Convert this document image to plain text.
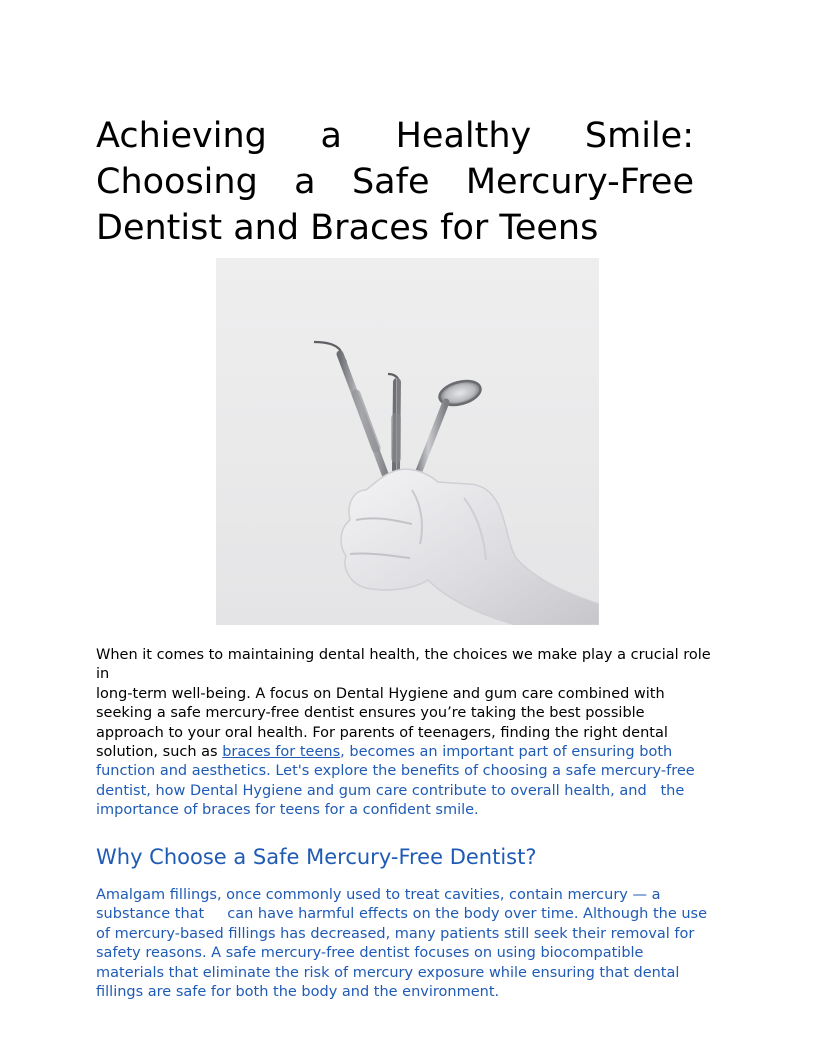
Achieving a Healthy Smile:
Choosing a Safe Mercury-Free
Dentist and Braces for Teens
When it comes to maintaining dental health, the choices we make play a crucial role
in
long-term well-being. A focus on Dental Hygiene and gum care combined with
seeking a safe mercury-free dentist ensures you’re taking the best possible
approach to your oral health. For parents of teenagers, finding the right dental
solution, such as braces for teens, becomes an important part of ensuring both
function and aesthetics. Let's explore the benefits of choosing a safe mercury-free
dentist, how Dental Hygiene and gum care contribute to overall health, and   the
importance of braces for teens for a confident smile.
Why Choose a Safe Mercury-Free Dentist?
Amalgam fillings, once commonly used to treat cavities, contain mercury — a
substance that     can have harmful effects on the body over time. Although the use
of mercury-based fillings has decreased, many patients still seek their removal for
safety reasons. A safe mercury-free dentist focuses on using biocompatible
materials that eliminate the risk of mercury exposure while ensuring that dental
fillings are safe for both the body and the environment.
